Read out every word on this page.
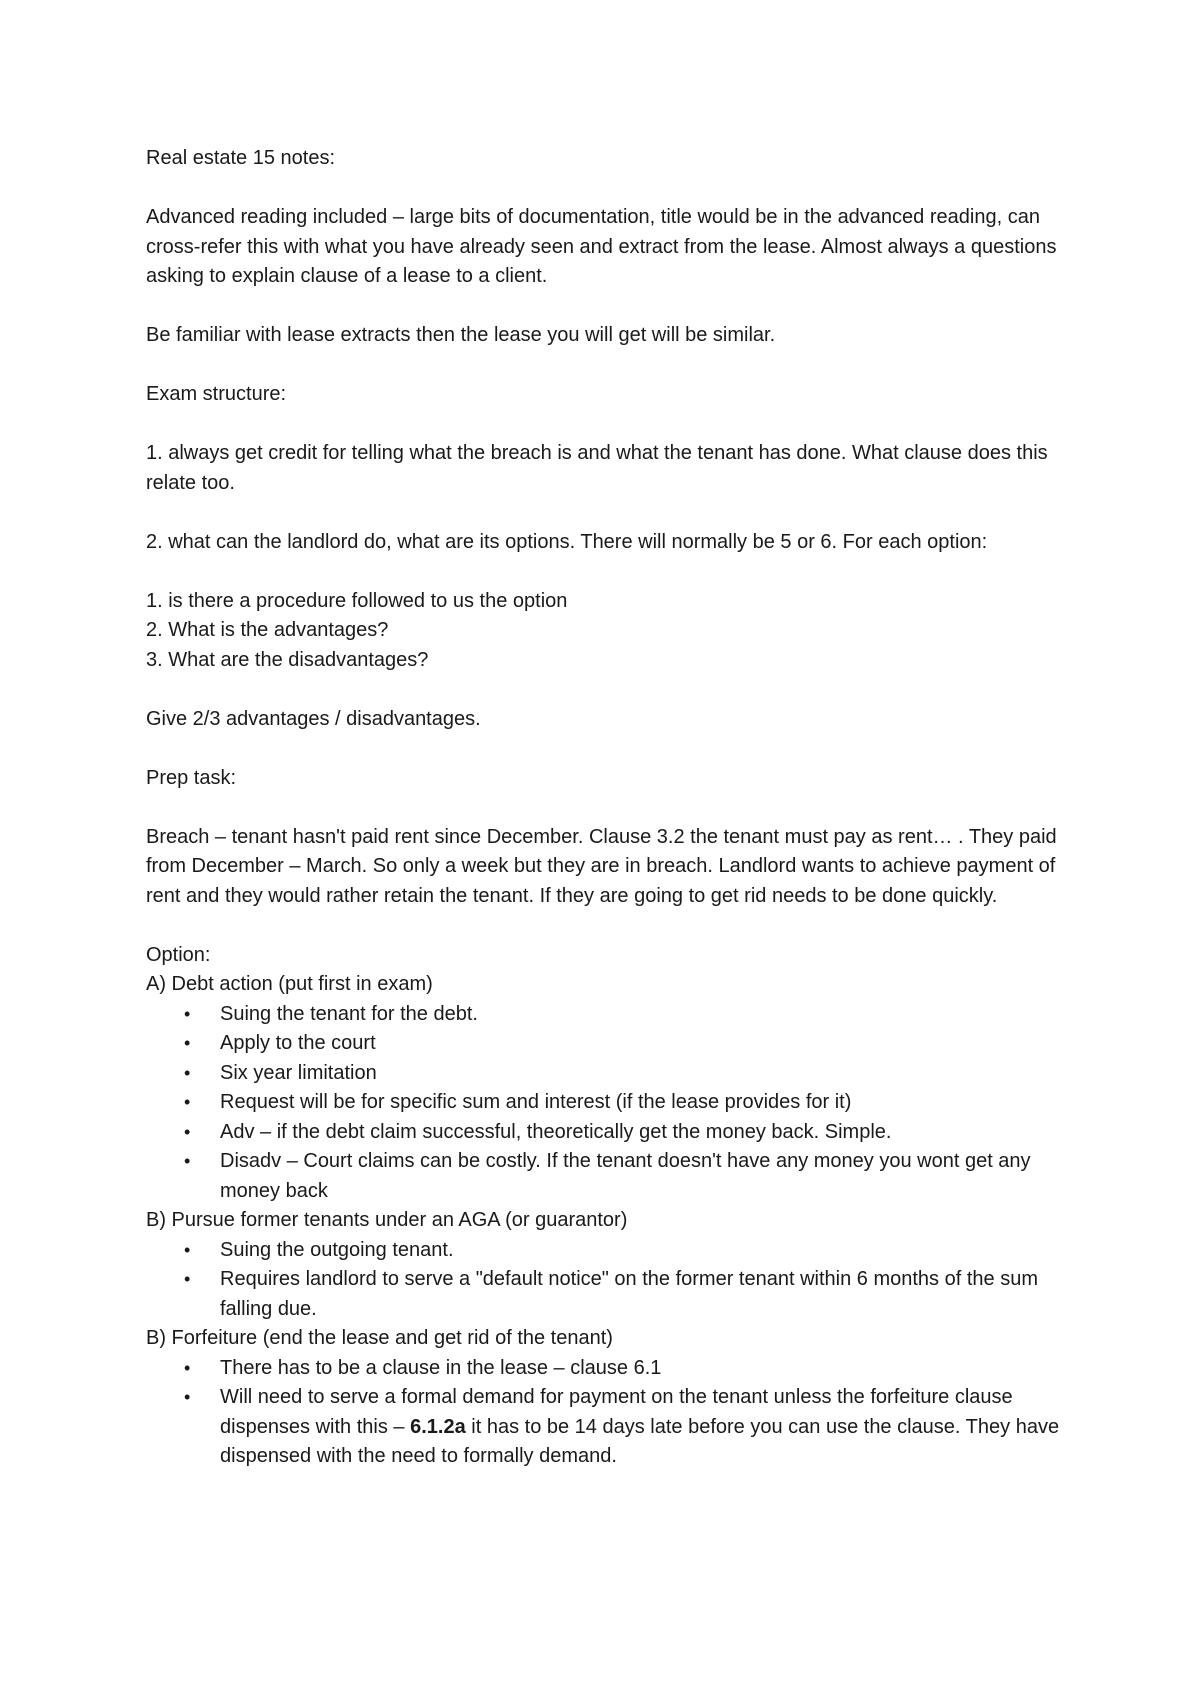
Real estate 15 notes:

Advanced reading included – large bits of documentation, title would be in the advanced reading, can cross-refer this with what you have already seen and extract from the lease. Almost always a questions asking to explain clause of a lease to a client.

Be familiar with lease extracts then the lease you will get will be similar.

Exam structure:

1. always get credit for telling what the breach is and what the tenant has done. What clause does this relate too.

2. what can the landlord do, what are its options. There will normally be 5 or 6. For each option:

1. is there a procedure followed to us the option

2. What is the advantages?

3. What are the disadvantages?

Give 2/3 advantages / disadvantages.

Prep task:

Breach – tenant hasn't paid rent since December. Clause 3.2 the tenant must pay as rent… . They paid from December – March. So only a week but they are in breach. Landlord wants to achieve payment of rent and they would rather retain the tenant. If they are going to get rid needs to be done quickly.

Option:

A) Debt action (put first in exam)

• Suing the tenant for the debt.
• Apply to the court
• Six year limitation
• Request will be for specific sum and interest (if the lease provides for it)
• Adv – if the debt claim successful, theoretically get the money back. Simple.
• Disadv – Court claims can be costly. If the tenant doesn't have any money you wont get any money back

B) Pursue former tenants under an AGA (or guarantor)

• Suing the outgoing tenant.
• Requires landlord to serve a "default notice" on the former tenant within 6 months of the sum falling due.

B) Forfeiture (end the lease and get rid of the tenant)

• There has to be a clause in the lease – clause 6.1
• Will need to serve a formal demand for payment on the tenant unless the forfeiture clause dispenses with this – 6.1.2a it has to be 14 days late before you can use the clause. They have dispensed with the need to formally demand.
